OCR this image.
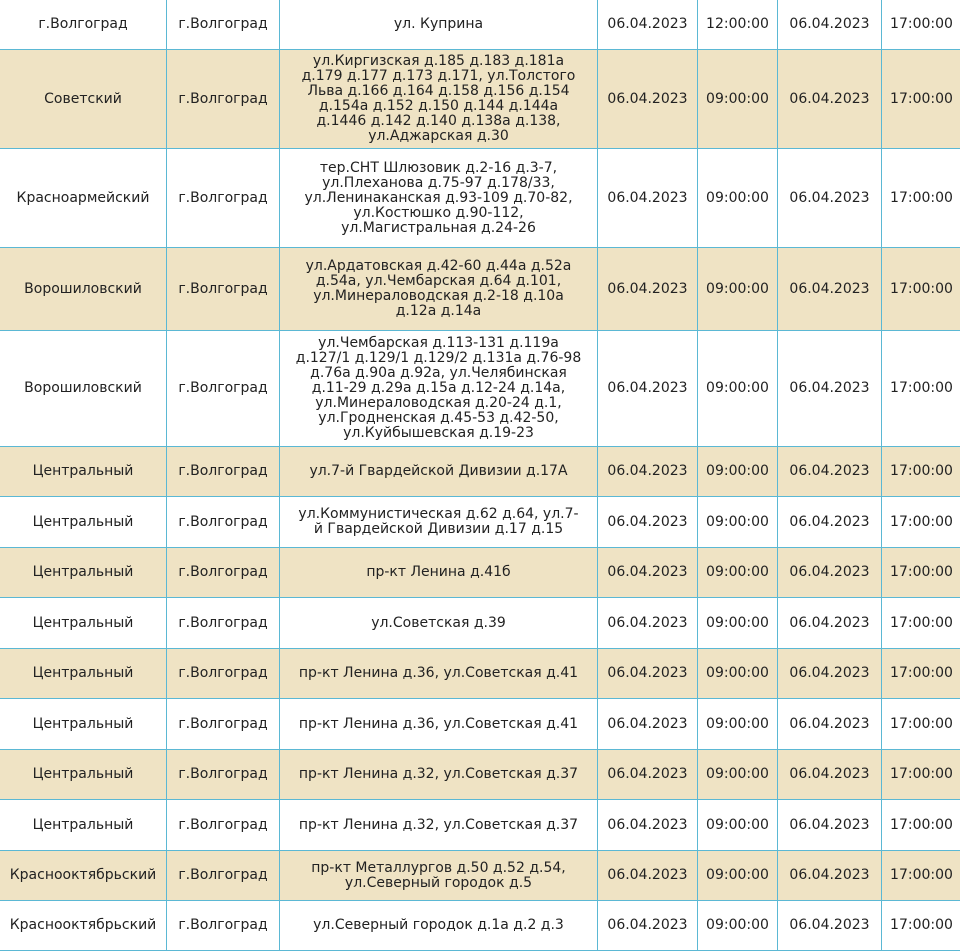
г.Волгоград	г.Волгоград	ул. Куприна	06.04.2023	12:00:00	06.04.2023	17:00:00
Советский	г.Волгоград	ул.Киргизская д.185 д.183 д.181а д.179 д.177 д.173 д.171, ул.Толстого Льва д.166 д.164 д.158 д.156 д.154 д.154а д.152 д.150 д.144 д.144а д.1446 д.142 д.140 д.138а д.138, ул.Аджарская д.30	06.04.2023	09:00:00	06.04.2023	17:00:00
Красноармейский	г.Волгоград	тер.СНТ Шлюзовик д.2-16 д.3-7, ул.Плеханова д.75-97 д.178/33, ул.Ленинаканская д.93-109 д.70-82, ул.Костюшко д.90-112, ул.Магистральная д.24-26	06.04.2023	09:00:00	06.04.2023	17:00:00
Ворошиловский	г.Волгоград	ул.Ардатовская д.42-60 д.44а д.52а д.54а, ул.Чембарская д.64 д.101, ул.Минераловодская д.2-18 д.10а д.12а д.14а	06.04.2023	09:00:00	06.04.2023	17:00:00
Ворошиловский	г.Волгоград	ул.Чембарская д.113-131 д.119а д.127/1 д.129/1 д.129/2 д.131а д.76-98 д.76а д.90а д.92а, ул.Челябинская д.11-29 д.29а д.15а д.12-24 д.14а, ул.Минераловодская д.20-24 д.1, ул.Гродненская д.45-53 д.42-50, ул.Куйбышевская д.19-23	06.04.2023	09:00:00	06.04.2023	17:00:00
Центральный	г.Волгоград	ул.7-й Гвардейской Дивизии д.17А	06.04.2023	09:00:00	06.04.2023	17:00:00
Центральный	г.Волгоград	ул.Коммунистическая д.62 д.64, ул.7-й Гвардейской Дивизии д.17 д.15	06.04.2023	09:00:00	06.04.2023	17:00:00
Центральный	г.Волгоград	пр-кт Ленина д.41б	06.04.2023	09:00:00	06.04.2023	17:00:00
Центральный	г.Волгоград	ул.Советская д.39	06.04.2023	09:00:00	06.04.2023	17:00:00
Центральный	г.Волгоград	пр-кт Ленина д.36, ул.Советская д.41	06.04.2023	09:00:00	06.04.2023	17:00:00
Центральный	г.Волгоград	пр-кт Ленина д.36, ул.Советская д.41	06.04.2023	09:00:00	06.04.2023	17:00:00
Центральный	г.Волгоград	пр-кт Ленина д.32, ул.Советская д.37	06.04.2023	09:00:00	06.04.2023	17:00:00
Центральный	г.Волгоград	пр-кт Ленина д.32, ул.Советская д.37	06.04.2023	09:00:00	06.04.2023	17:00:00
Краснооктябрьский	г.Волгоград	пр-кт Металлургов д.50 д.52 д.54, ул.Северный городок д.5	06.04.2023	09:00:00	06.04.2023	17:00:00
Краснооктябрьский	г.Волгоград	ул.Северный городок д.1а д.2 д.3	06.04.2023	09:00:00	06.04.2023	17:00:00
